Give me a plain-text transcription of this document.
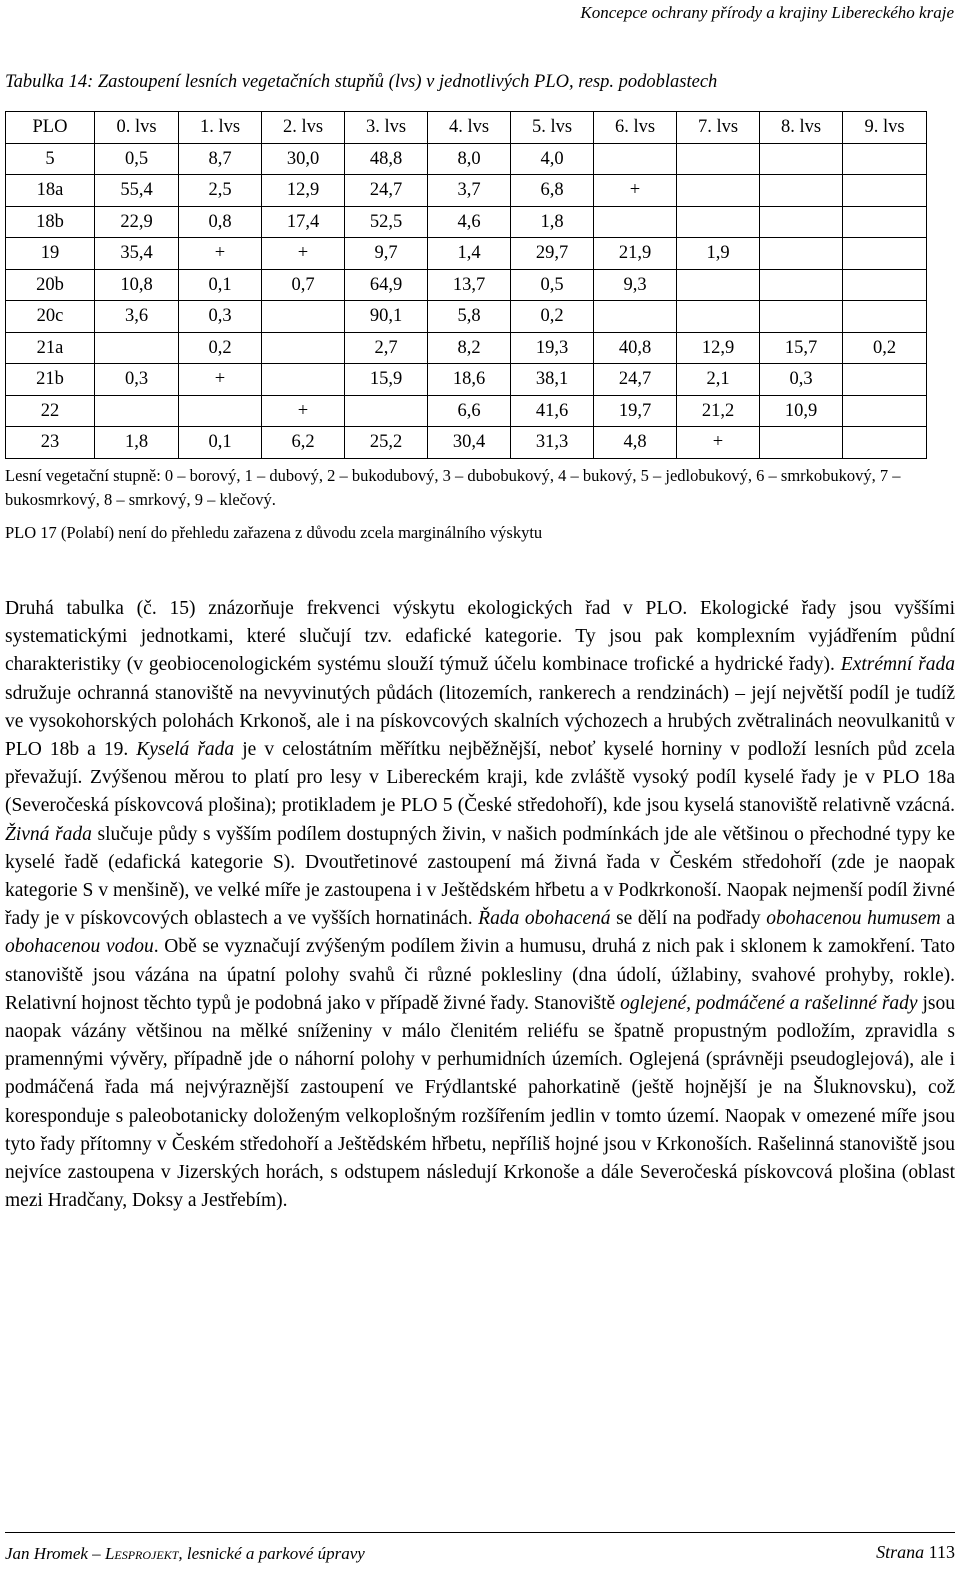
Koncepce ochrany přírody a krajiny Libereckého kraje
Tabulka 14: Zastoupení lesních vegetačních stupňů (lvs) v jednotlivých PLO, resp. podoblastech
PLO	0. lvs	1. lvs	2. lvs	3. lvs	4. lvs	5. lvs	6. lvs	7. lvs	8. lvs	9. lvs
5	0,5	8,7	30,0	48,8	8,0	4,0				
18a	55,4	2,5	12,9	24,7	3,7	6,8	+			
18b	22,9	0,8	17,4	52,5	4,6	1,8				
19	35,4	+	+	9,7	1,4	29,7	21,9	1,9		
20b	10,8	0,1	0,7	64,9	13,7	0,5	9,3			
20c	3,6	0,3		90,1	5,8	0,2				
21a		0,2		2,7	8,2	19,3	40,8	12,9	15,7	0,2
21b	0,3	+		15,9	18,6	38,1	24,7	2,1	0,3	
22			+		6,6	41,6	19,7	21,2	10,9	
23	1,8	0,1	6,2	25,2	30,4	31,3	4,8	+		
Lesní vegetační stupně: 0 – borový, 1 – dubový, 2 – bukodubový, 3 – dubobukový, 4 – bukový, 5 – jedlobukový, 6 – smrkobukový, 7 – bukosmrkový, 8 – smrkový, 9 – klečový.
PLO 17 (Polabí) není do přehledu zařazena z důvodu zcela marginálního výskytu
Druhá tabulka (č. 15) znázorňuje frekvenci výskytu ekologických řad v PLO. Ekologické řady jsou vyššími systematickými jednotkami, které slučují tzv. edafické kategorie. Ty jsou pak komplexním vyjádřením půdní charakteristiky (v geobiocenologickém systému slouží týmuž účelu kombinace trofické a hydrické řady). Extrémní řada sdružuje ochranná stanoviště na nevyvinutých půdách (litozemích, rankerech a rendzinách) – její největší podíl je tudíž ve vysokohorských polohách Krkonoš, ale i na pískovcových skalních výchozech a hrubých zvětralinách neovulkanitů v PLO 18b a 19. Kyselá řada je v celostátním měřítku nejběžnější, neboť kyselé horniny v podloží lesních půd zcela převažují. Zvýšenou měrou to platí pro lesy v Libereckém kraji, kde zvláště vysoký podíl kyselé řady je v PLO 18a (Severočeská pískovcová plošina); protikladem je PLO 5 (České středohoří), kde jsou kyselá stanoviště relativně vzácná. Živná řada slučuje půdy s vyšším podílem dostupných živin, v našich podmínkách jde ale většinou o přechodné typy ke kyselé řadě (edafická kategorie S). Dvoutřetinové zastoupení má živná řada v Českém středohoří (zde je naopak kategorie S v menšině), ve velké míře je zastoupena i v Ještědském hřbetu a v Podkrkonoší. Naopak nejmenší podíl živné řady je v pískovcových oblastech a ve vyšších hornatinách. Řada obohacená se dělí na podřady obohacenou humusem a obohacenou vodou. Obě se vyznačují zvýšeným podílem živin a humusu, druhá z nich pak i sklonem k zamokření. Tato stanoviště jsou vázána na úpatní polohy svahů či různé poklesliny (dna údolí, úžlabiny, svahové prohyby, rokle). Relativní hojnost těchto typů je podobná jako v případě živné řady. Stanoviště oglejené, podmáčené a rašelinné řady jsou naopak vázány většinou na mělké sníženiny v málo členitém reliéfu se špatně propustným podložím, zpravidla s pramennými vývěry, případně jde o náhorní polohy v perhumidních územích. Oglejená (správněji pseudoglejová), ale i podmáčená řada má nejvýraznější zastoupení ve Frýdlantské pahorkatině (ještě hojnější je na Šluknovsku), což koresponduje s paleobotanicky doloženým velkoplošným rozšířením jedlin v tomto území. Naopak v omezené míře jsou tyto řady přítomny v Českém středohoří a Ještědském hřbetu, nepříliš hojné jsou v Krkonoších. Rašelinná stanoviště jsou nejvíce zastoupena v Jizerských horách, s odstupem následují Krkonoše a dále Severočeská pískovcová plošina (oblast mezi Hradčany, Doksy a Jestřebím).
Jan Hromek – Lesprojekt, lesnické a parkové úpravy	Strana 113
